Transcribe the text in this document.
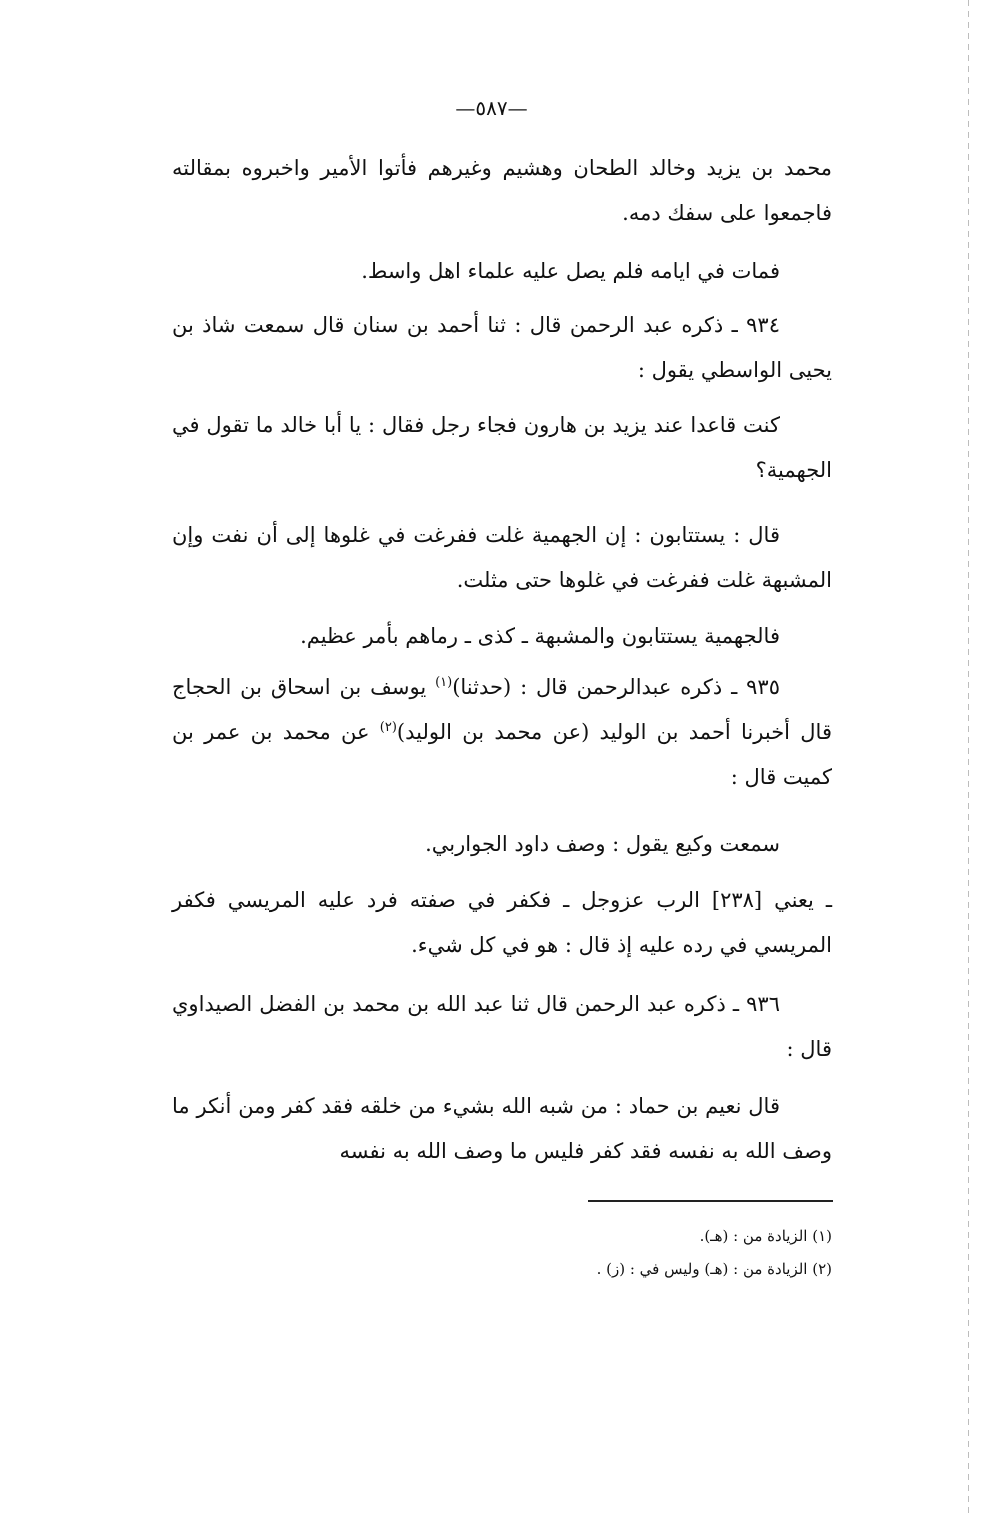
—٥٨٧—

محمد بن يزيد وخالد الطحان وهشيم وغيرهم فأتوا الأمير واخبروه بمقالته فاجمعوا على سفك دمه.

فمات في ايامه فلم يصل عليه علماء اهل واسط.

٩٣٤ ـ ذكره عبد الرحمن قال : ثنا أحمد بن سنان قال سمعت شاذ بن يحيى الواسطي يقول :

كنت قاعدا عند يزيد بن هارون فجاء رجل فقال : يا أبا خالد ما تقول في الجهمية؟

قال : يستتابون : إن الجهمية غلت ففرغت في غلوها إلى أن نفت وإن المشبهة غلت ففرغت في غلوها حتى مثلت.

فالجهمية يستتابون والمشبهة ـ كذى ـ رماهم بأمر عظيم.

٩٣٥ ـ ذكره عبدالرحمن قال : (حدثنا)$^{(١)}$ يوسف بن اسحاق بن الحجاج قال أخبرنا أحمد بن الوليد (عن محمد بن الوليد)$^{(٢)}$ عن محمد بن عمر بن كميت قال :

سمعت وكيع يقول : وصف داود الجواربي.

ـ يعني [٢٣٨] الرب عزوجل ـ فكفر في صفته فرد عليه المريسي فكفر المريسي في رده عليه إذ قال : هو في كل شيء.

٩٣٦ ـ ذكره عبد الرحمن قال ثنا عبد الله بن محمد بن الفضل الصيداوي قال :

قال نعيم بن حماد : من شبه الله بشيء من خلقه فقد كفر ومن أنكر ما وصف الله به نفسه فقد كفر فليس ما وصف الله به نفسه

(١) الزيادة من : (هـ).

(٢) الزيادة من : (هـ) وليس في : (ز) .
